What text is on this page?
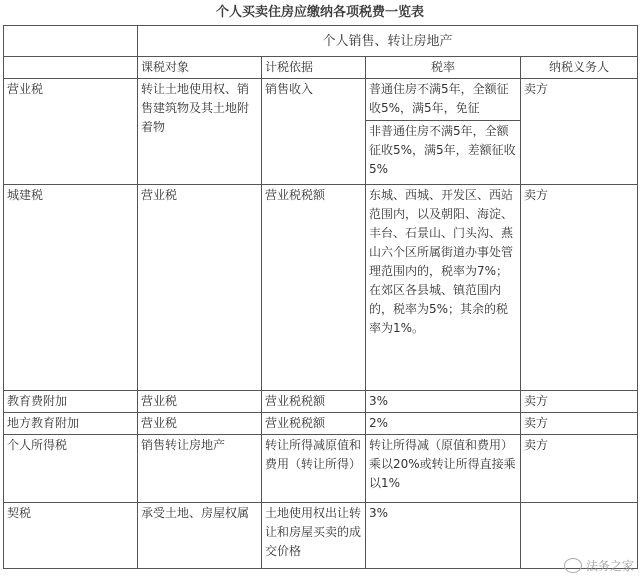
个人买卖住房应缴纳各项税费一览表
	个人销售、转让房地产			
	课税对象	计税依据	税率	纳税义务人
营业税	转让土地使用权、销售建筑物及其土地附着物	销售收入	普通住房不满5年，全额征收5%，满5年，免征
非普通住房不满5年，全额征收5%，满5年，差额征收5%	卖方
城建税	营业税	营业税税额	东城、西城、开发区、西站范围内，以及朝阳、海淀、丰台、石景山、门头沟、燕山六个区所属街道办事处管理范围内的，税率为7%；在郊区各县城、镇范围内的，税率为5%；其余的税率为1%。	卖方
教育费附加	营业税	营业税税额	3%	卖方
地方教育附加	营业税	营业税税额	2%	卖方
个人所得税	销售转让房地产	转让所得减原值和费用（转让所得）	转让所得减（原值和费用）乘以20%或转让所得直接乘以1%	卖方
契税	承受土地、房屋权属	土地使用权出让转让和房屋买卖的成交价格	3%	
法务之家
